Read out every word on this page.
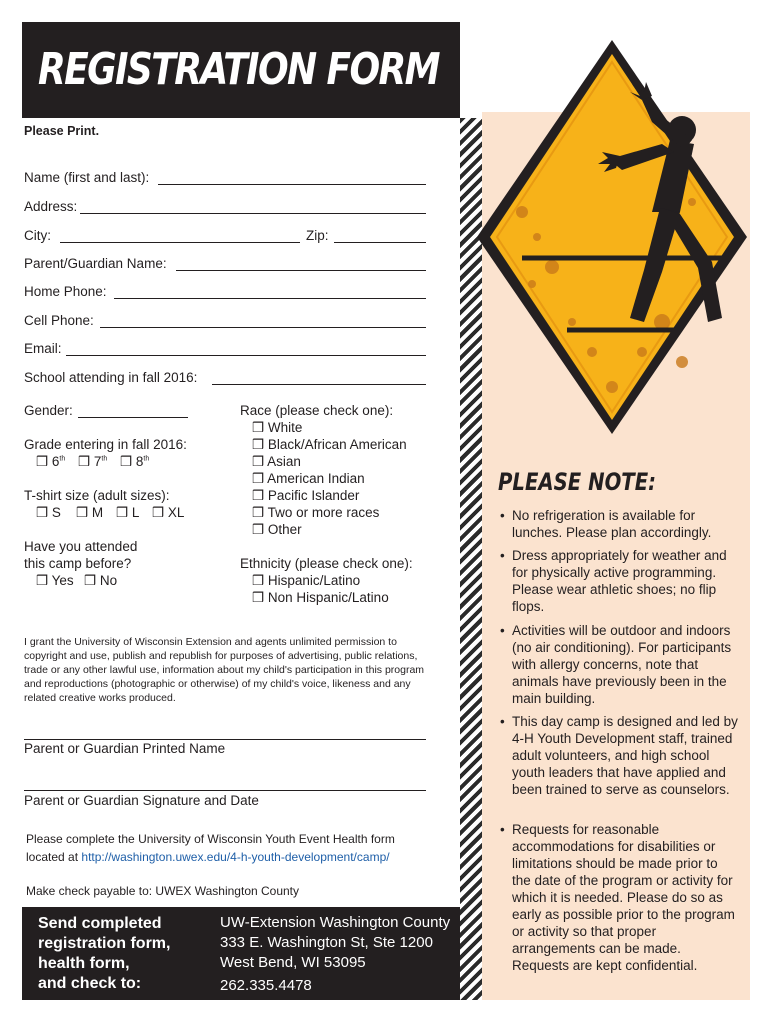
REGISTRATION FORM
Please Print.
Name (first and last):
Address:
City:	Zip:
Parent/Guardian Name:
Home Phone:
Cell Phone:
Email:
School attending in fall 2016:
Gender:
Grade entering in fall 2016:
❒ 6th ❒ 7th ❒ 8th
T-shirt size (adult sizes):
❒ S ❒ M ❒ L ❒ XL
Have you attended
this camp before?
❒ Yes ❒ No
Race (please check one):
❒ White
❒ Black/African American
❒ Asian
❒ American Indian
❒ Pacific Islander
❒ Two or more races
❒ Other
Ethnicity (please check one):
❒ Hispanic/Latino
❒ Non Hispanic/Latino
I grant the University of Wisconsin Extension and agents unlimited permission to copyright and use, publish and republish for purposes of advertising, public relations, trade or any other lawful use, information about my child's participation in this program and reproductions (photographic or otherwise) of my child's voice, likeness and any related creative works produced.
Parent or Guardian Printed Name
Parent or Guardian Signature and Date
Please complete the University of Wisconsin Youth Event Health form
located at http://washington.uwex.edu/4-h-youth-development/camp/
Make check payable to: UWEX Washington County
Send completed
registration form,
health form,
and check to:
UW-Extension Washington County
333 E. Washington St, Ste 1200
West Bend, WI 53095
262.335.4478
PLEASE NOTE:
• No refrigeration is available for lunches. Please plan accordingly.
• Dress appropriately for weather and for physically active programming. Please wear athletic shoes; no flip flops.
• Activities will be outdoor and indoors (no air conditioning). For participants with allergy concerns, note that animals have previously been in the main building.
• This day camp is designed and led by 4-H Youth Development staff, trained adult volunteers, and high school youth leaders that have applied and been trained to serve as counselors.
• Requests for reasonable accommodations for disabilities or limitations should be made prior to the date of the program or activity for which it is needed. Please do so as early as possible prior to the program or activity so that proper arrangements can be made. Requests are kept confidential.
